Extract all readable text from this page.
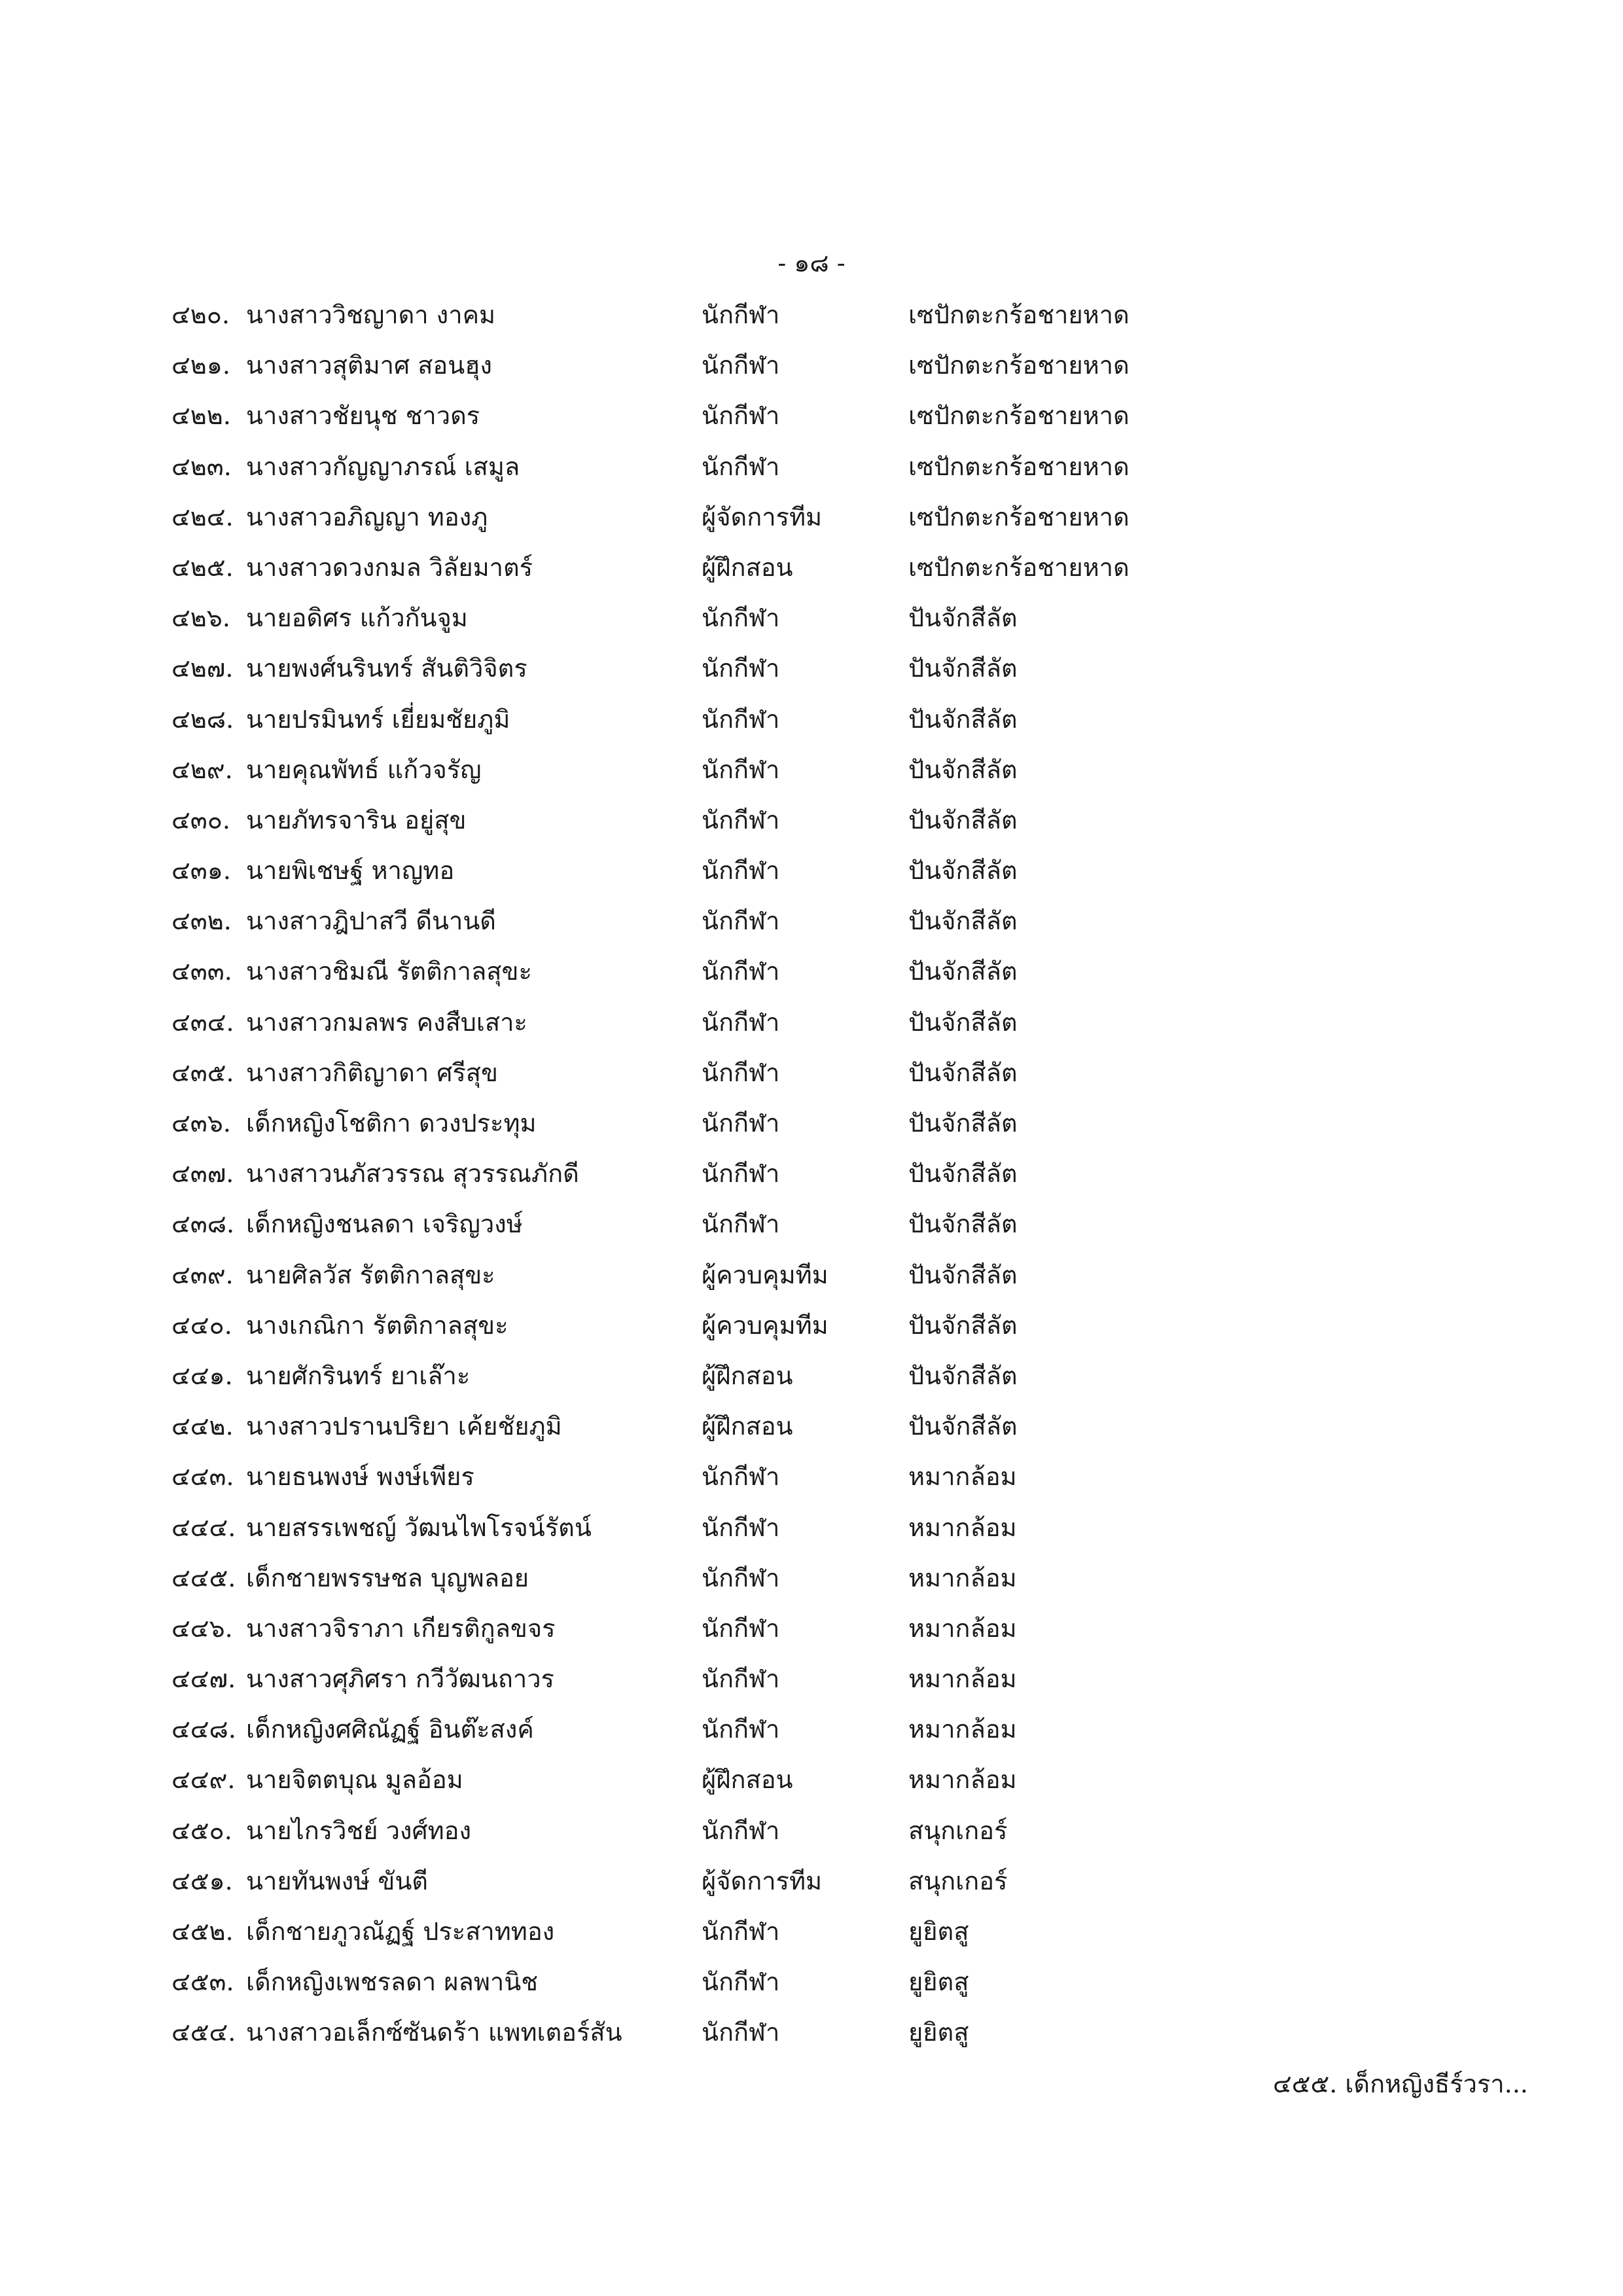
- ๑๘ -
๔๒๐. นางสาววิชญาดา งาคม	นักกีฬา	เซปักตะกร้อชายหาด
๔๒๑. นางสาวสุติมาศ สอนฮุง	นักกีฬา	เซปักตะกร้อชายหาด
๔๒๒. นางสาวชัยนุช ชาวดร	นักกีฬา	เซปักตะกร้อชายหาด
๔๒๓. นางสาวกัญญาภรณ์ เสมูล	นักกีฬา	เซปักตะกร้อชายหาด
๔๒๔. นางสาวอภิญญา ทองภู	ผู้จัดการทีม	เซปักตะกร้อชายหาด
๔๒๕. นางสาวดวงกมล วิลัยมาตร์	ผู้ฝึกสอน	เซปักตะกร้อชายหาด
๔๒๖. นายอดิศร แก้วกันจูม	นักกีฬา	ปันจักสีลัต
๔๒๗. นายพงศ์นรินทร์ สันติวิจิตร	นักกีฬา	ปันจักสีลัต
๔๒๘. นายปรมินทร์ เยี่ยมชัยภูมิ	นักกีฬา	ปันจักสีลัต
๔๒๙. นายคุณพัทธ์ แก้วจรัญ	นักกีฬา	ปันจักสีลัต
๔๓๐. นายภัทรจาริน อยู่สุข	นักกีฬา	ปันจักสีลัต
๔๓๑. นายพิเชษฐ์ หาญทอ	นักกีฬา	ปันจักสีลัต
๔๓๒. นางสาวฎิปาสวี ดีนานดี	นักกีฬา	ปันจักสีลัต
๔๓๓. นางสาวชิมณี รัตติกาลสุขะ	นักกีฬา	ปันจักสีลัต
๔๓๔. นางสาวกมลพร คงสืบเสาะ	นักกีฬา	ปันจักสีลัต
๔๓๕. นางสาวกิติญาดา ศรีสุข	นักกีฬา	ปันจักสีลัต
๔๓๖. เด็กหญิงโชติกา ดวงประทุม	นักกีฬา	ปันจักสีลัต
๔๓๗. นางสาวนภัสวรรณ สุวรรณภักดี	นักกีฬา	ปันจักสีลัต
๔๓๘. เด็กหญิงชนลดา เจริญวงษ์	นักกีฬา	ปันจักสีลัต
๔๓๙. นายศิลวัส รัตติกาลสุขะ	ผู้ควบคุมทีม	ปันจักสีลัต
๔๔๐. นางเกณิกา รัตติกาลสุขะ	ผู้ควบคุมทีม	ปันจักสีลัต
๔๔๑. นายศักรินทร์ ยาเล๊าะ	ผู้ฝึกสอน	ปันจักสีลัต
๔๔๒. นางสาวปรานปริยา เค้ยชัยภูมิ	ผู้ฝึกสอน	ปันจักสีลัต
๔๔๓. นายธนพงษ์ พงษ์เพียร	นักกีฬา	หมากล้อม
๔๔๔. นายสรรเพชญ์ วัฒนไพโรจน์รัตน์	นักกีฬา	หมากล้อม
๔๔๕. เด็กชายพรรษชล บุญพลอย	นักกีฬา	หมากล้อม
๔๔๖. นางสาวจิราภา เกียรติกูลขจร	นักกีฬา	หมากล้อม
๔๔๗. นางสาวศุภิศรา กวีวัฒนถาวร	นักกีฬา	หมากล้อม
๔๔๘. เด็กหญิงศศิณัฏฐ์ อินต๊ะสงค์	นักกีฬา	หมากล้อม
๔๔๙. นายจิตตบุณ มูลอ้อม	ผู้ฝึกสอน	หมากล้อม
๔๕๐. นายไกรวิชย์ วงศ์ทอง	นักกีฬา	สนุกเกอร์
๔๕๑. นายทันพงษ์ ขันตี	ผู้จัดการทีม	สนุกเกอร์
๔๕๒. เด็กชายภูวณัฏฐ์ ประสาททอง	นักกีฬา	ยูยิตสู
๔๕๓. เด็กหญิงเพชรลดา ผลพานิช	นักกีฬา	ยูยิตสู
๔๕๔. นางสาวอเล็กซ์ซันดร้า แพทเตอร์สัน	นักกีฬา	ยูยิตสู
๔๕๕. เด็กหญิงธีร์วรา...
